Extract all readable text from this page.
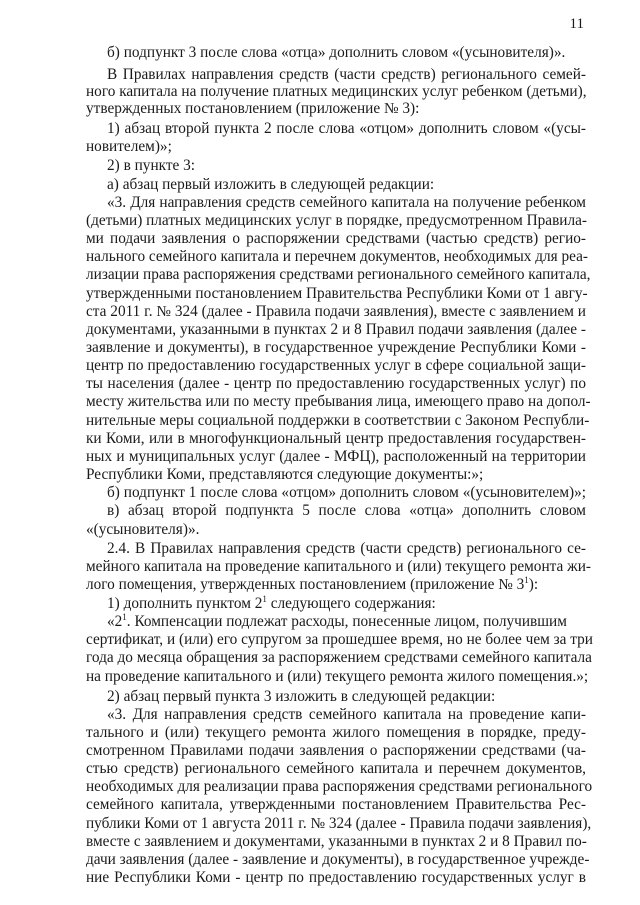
11
б) подпункт 3 после слова «отца» дополнить словом «(усыновителя)».
В Правилах направления средств (части средств) регионального семей-
ного капитала на получение платных медицинских услуг ребенком (детьми),
утвержденных постановлением (приложение № 3):
1) абзац второй пункта 2 после слова «отцом» дополнить словом «(усы-
новителем)»;
2) в пункте 3:
а) абзац первый изложить в следующей редакции:
«3. Для направления средств семейного капитала на получение ребенком
(детьми) платных медицинских услуг в порядке, предусмотренном Правила-
ми подачи заявления о распоряжении средствами (частью средств) регио-
нального семейного капитала и перечнем документов, необходимых для реа-
лизации права распоряжения средствами регионального семейного капитала,
утвержденными постановлением Правительства Республики Коми от 1 авгу-
ста 2011 г. № 324 (далее - Правила подачи заявления), вместе с заявлением и
документами, указанными в пунктах 2 и 8 Правил подачи заявления (далее -
заявление и документы), в государственное учреждение Республики Коми -
центр по предоставлению государственных услуг в сфере социальной защи-
ты населения (далее - центр по предоставлению государственных услуг) по
месту жительства или по месту пребывания лица, имеющего право на допол-
нительные меры социальной поддержки в соответствии с Законом Республи-
ки Коми, или в многофункциональный центр предоставления государствен-
ных и муниципальных услуг (далее - МФЦ), расположенный на территории
Республики Коми, представляются следующие документы:»;
б) подпункт 1 после слова «отцом» дополнить словом «(усыновителем)»;
в) абзац второй подпункта 5 после слова «отца» дополнить словом
«(усыновителя)».
2.4. В Правилах направления средств (части средств) регионального се-
мейного капитала на проведение капитального и (или) текущего ремонта жи-
лого помещения, утвержденных постановлением (приложение № $3^1$):
1) дополнить пунктом $2^1$ следующего содержания:
«$2^1$. Компенсации подлежат расходы, понесенные лицом, получившим
сертификат, и (или) его супругом за прошедшее время, но не более чем за три
года до месяца обращения за распоряжением средствами семейного капитала
на проведение капитального и (или) текущего ремонта жилого помещения.»;
2) абзац первый пункта 3 изложить в следующей редакции:
«3. Для направления средств семейного капитала на проведение капи-
тального и (или) текущего ремонта жилого помещения в порядке, преду-
смотренном Правилами подачи заявления о распоряжении средствами (ча-
стью средств) регионального семейного капитала и перечнем документов,
необходимых для реализации права распоряжения средствами регионального
семейного капитала, утвержденными постановлением Правительства Рес-
публики Коми от 1 августа 2011 г. № 324 (далее - Правила подачи заявления),
вместе с заявлением и документами, указанными в пунктах 2 и 8 Правил по-
дачи заявления (далее - заявление и документы), в государственное учрежде-
ние Республики Коми - центр по предоставлению государственных услуг в
